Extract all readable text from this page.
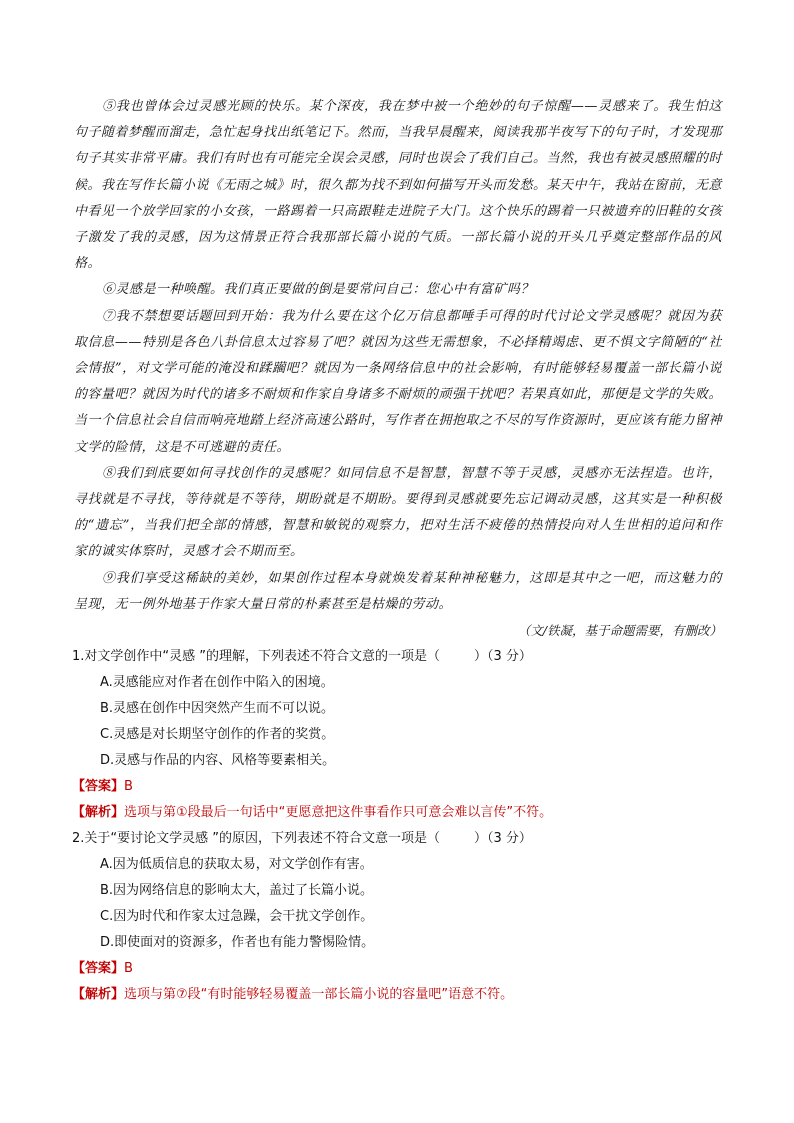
⑤我也曾体会过灵感光顾的快乐。某个深夜，我在梦中被一个绝妙的句子惊醒——灵感来了。我生怕这句子随着梦醒而溜走，急忙起身找出纸笔记下。然而，当我早晨醒来，阅读我那半夜写下的句子时，才发现那句子其实非常平庸。我们有时也有可能完全误会灵感，同时也误会了我们自己。当然，我也有被灵感照耀的时候。我在写作长篇小说《无雨之城》时，很久都为找不到如何描写开头而发愁。某天中午，我站在窗前，无意中看见一个放学回家的小女孩，一路踢着一只高跟鞋走进院子大门。这个快乐的踢着一只被遗弃的旧鞋的女孩子激发了我的灵感，因为这情景正符合我那部长篇小说的气质。一部长篇小说的开头几乎奠定整部作品的风格。

⑥灵感是一种唤醒。我们真正要做的倒是要常问自己：您心中有富矿吗？

⑦我不禁想要话题回到开始：我为什么要在这个亿万信息都唾手可得的时代讨论文学灵感呢？就因为获取信息——特别是各色八卦信息太过容易了吧？就因为这些无需想象，不必择精竭虑、更不惧文字简陋的“社会情报”，对文学可能的淹没和蹂躏吧？就因为一条网络信息中的社会影响，有时能够轻易覆盖一部长篇小说的容量吧？就因为时代的诸多不耐烦和作家自身诸多不耐烦的顽强干扰吧？若果真如此，那便是文学的失败。当一个信息社会自信而响亮地踏上经济高速公路时，写作者在拥抱取之不尽的写作资源时，更应该有能力留神文学的险情，这是不可逃避的责任。

⑧我们到底要如何寻找创作的灵感呢？如同信息不是智慧，智慧不等于灵感，灵感亦无法捏造。也许，寻找就是不寻找，等待就是不等待，期盼就是不期盼。要得到灵感就要先忘记调动灵感，这其实是一种积极的“遗忘”，当我们把全部的情感，智慧和敏锐的观察力，把对生活不疲倦的热情投向对人生世相的追问和作家的诚实体察时，灵感才会不期而至。

⑨我们享受这稀缺的美妙，如果创作过程本身就焕发着某种神秘魅力，这即是其中之一吧，而这魅力的呈现，无一例外地基于作家大量日常的朴素甚至是枯燥的劳动。

（文/铁凝，基于命题需要，有删改）

1.对文学创作中“灵感 ”的理解，下列表述不符合文意的一项是（	）（3 分）

A.灵感能应对作者在创作中陷入的困境。

B.灵感在创作中因突然产生而不可以说。

C.灵感是对长期坚守创作的作者的奖赏。

D.灵感与作品的内容、风格等要素相关。

【答案】B

【解析】选项与第①段最后一句话中“更愿意把这件事看作只可意会难以言传”不符。

2.关于“要讨论文学灵感 ”的原因，下列表述不符合文意一项是（	）（3 分）

A.因为低质信息的获取太易，对文学创作有害。

B.因为网络信息的影响太大，盖过了长篇小说。

C.因为时代和作家太过急躁，会干扰文学创作。

D.即使面对的资源多，作者也有能力警惕险情。

【答案】B

【解析】选项与第⑦段“有时能够轻易覆盖一部长篇小说的容量吧”语意不符。
